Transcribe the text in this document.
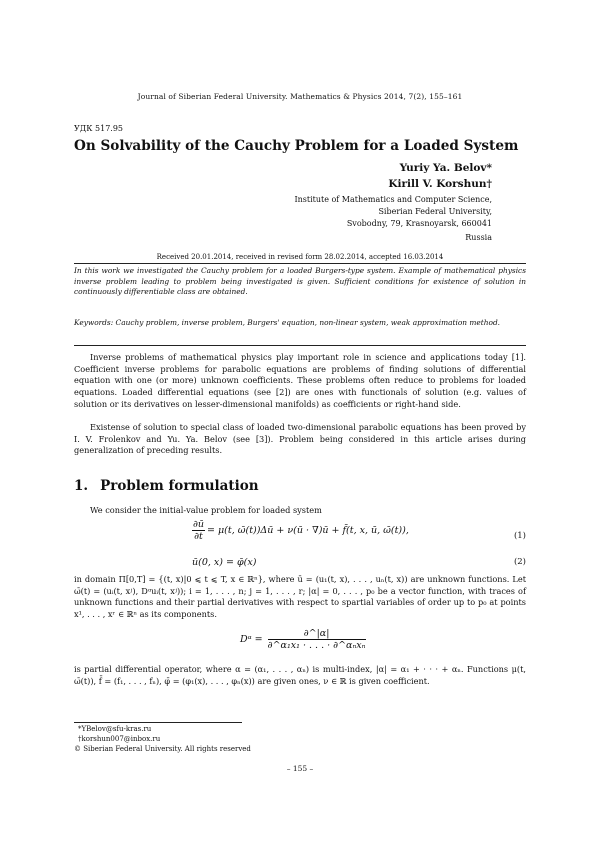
Journal of Siberian Federal University. Mathematics & Physics 2014, 7(2), 155–161
УДК 517.95
On Solvability of the Cauchy Problem for a Loaded System
Yuriy Ya. Belov*
Kirill V. Korshun†
Institute of Mathematics and Computer Science,
Siberian Federal University,
Svobodny, 79, Krasnoyarsk, 660041
Russia
Received 20.01.2014, received in revised form 28.02.2014, accepted 16.03.2014
In this work we investigated the Cauchy problem for a loaded Burgers-type system. Example of mathematical physics inverse problem leading to problem being investigated is given. Sufficient conditions for existence of solution in continuously differentiable class are obtained.
Keywords: Cauchy problem, inverse problem, Burgers' equation, non-linear system, weak approximation method.
Inverse problems of mathematical physics play important role in science and applications today [1]. Coefficient inverse problems for parabolic equations are problems of finding solutions of differential equation with one (or more) unknown coefficients. These problems often reduce to problems for loaded equations. Loaded differential equations (see [2]) are ones with functionals of solution (e.g. values of solution or its derivatives on lesser-dimensional manifolds) as coefficients or right-hand side.
Existense of solution to special class of loaded two-dimensional parabolic equations has been proved by I. V. Frolenkov and Yu. Ya. Belov (see [3]). Problem being considered in this article arises during generalization of preceding results.
1. Problem formulation
We consider the initial-value problem for loaded system
$\frac{\partial ū}{\partial t} = \mu(t$, ω̄(t))Δū + ν(ū · ∇)ū + f̄(t, x, ū, ω̄(t)),	(1)
ū(0, x) = φ̄(x)	(2)
in domain Π[0,T] = {(t, x)|0 ⩽ t ⩽ T, x ∈ ℝⁿ}, where ū = (u₁(t, x), . . . , uₙ(t, x)) are unknown functions. Let ω̄(t) = (uᵢ(t, xʲ), Dᵅuᵢ(t, xʲ)); i = 1, . . . , n; j = 1, . . . , r; |α| = 0, . . . , p₀ be a vector function, with traces of unknown functions and their partial derivatives with respect to spartial variables of order up to p₀ at points x¹, . . . , xʳ ∈ ℝⁿ as its components.
Dᵅ = $\frac{\partial\^{}|\alpha|}{\text{∂\textasciicircum{}α₁x₁ · . . . · ∂\textasciicircum{}αₙxₙ}}$
is partial differential operator, where α = (α₁, . . . , αₙ) is multi-index, |α| = α₁ + · · · + αₙ. Functions μ(t, ω̄(t)), f̄ = (f₁, . . . , fₙ), φ̄ = (φ₁(x), . . . , φₙ(x)) are given ones, ν ∈ ℝ is given coefficient.
*YBelov@sfu-kras.ru
†korshun007@inbox.ru
© Siberian Federal University. All rights reserved
– 155 –
